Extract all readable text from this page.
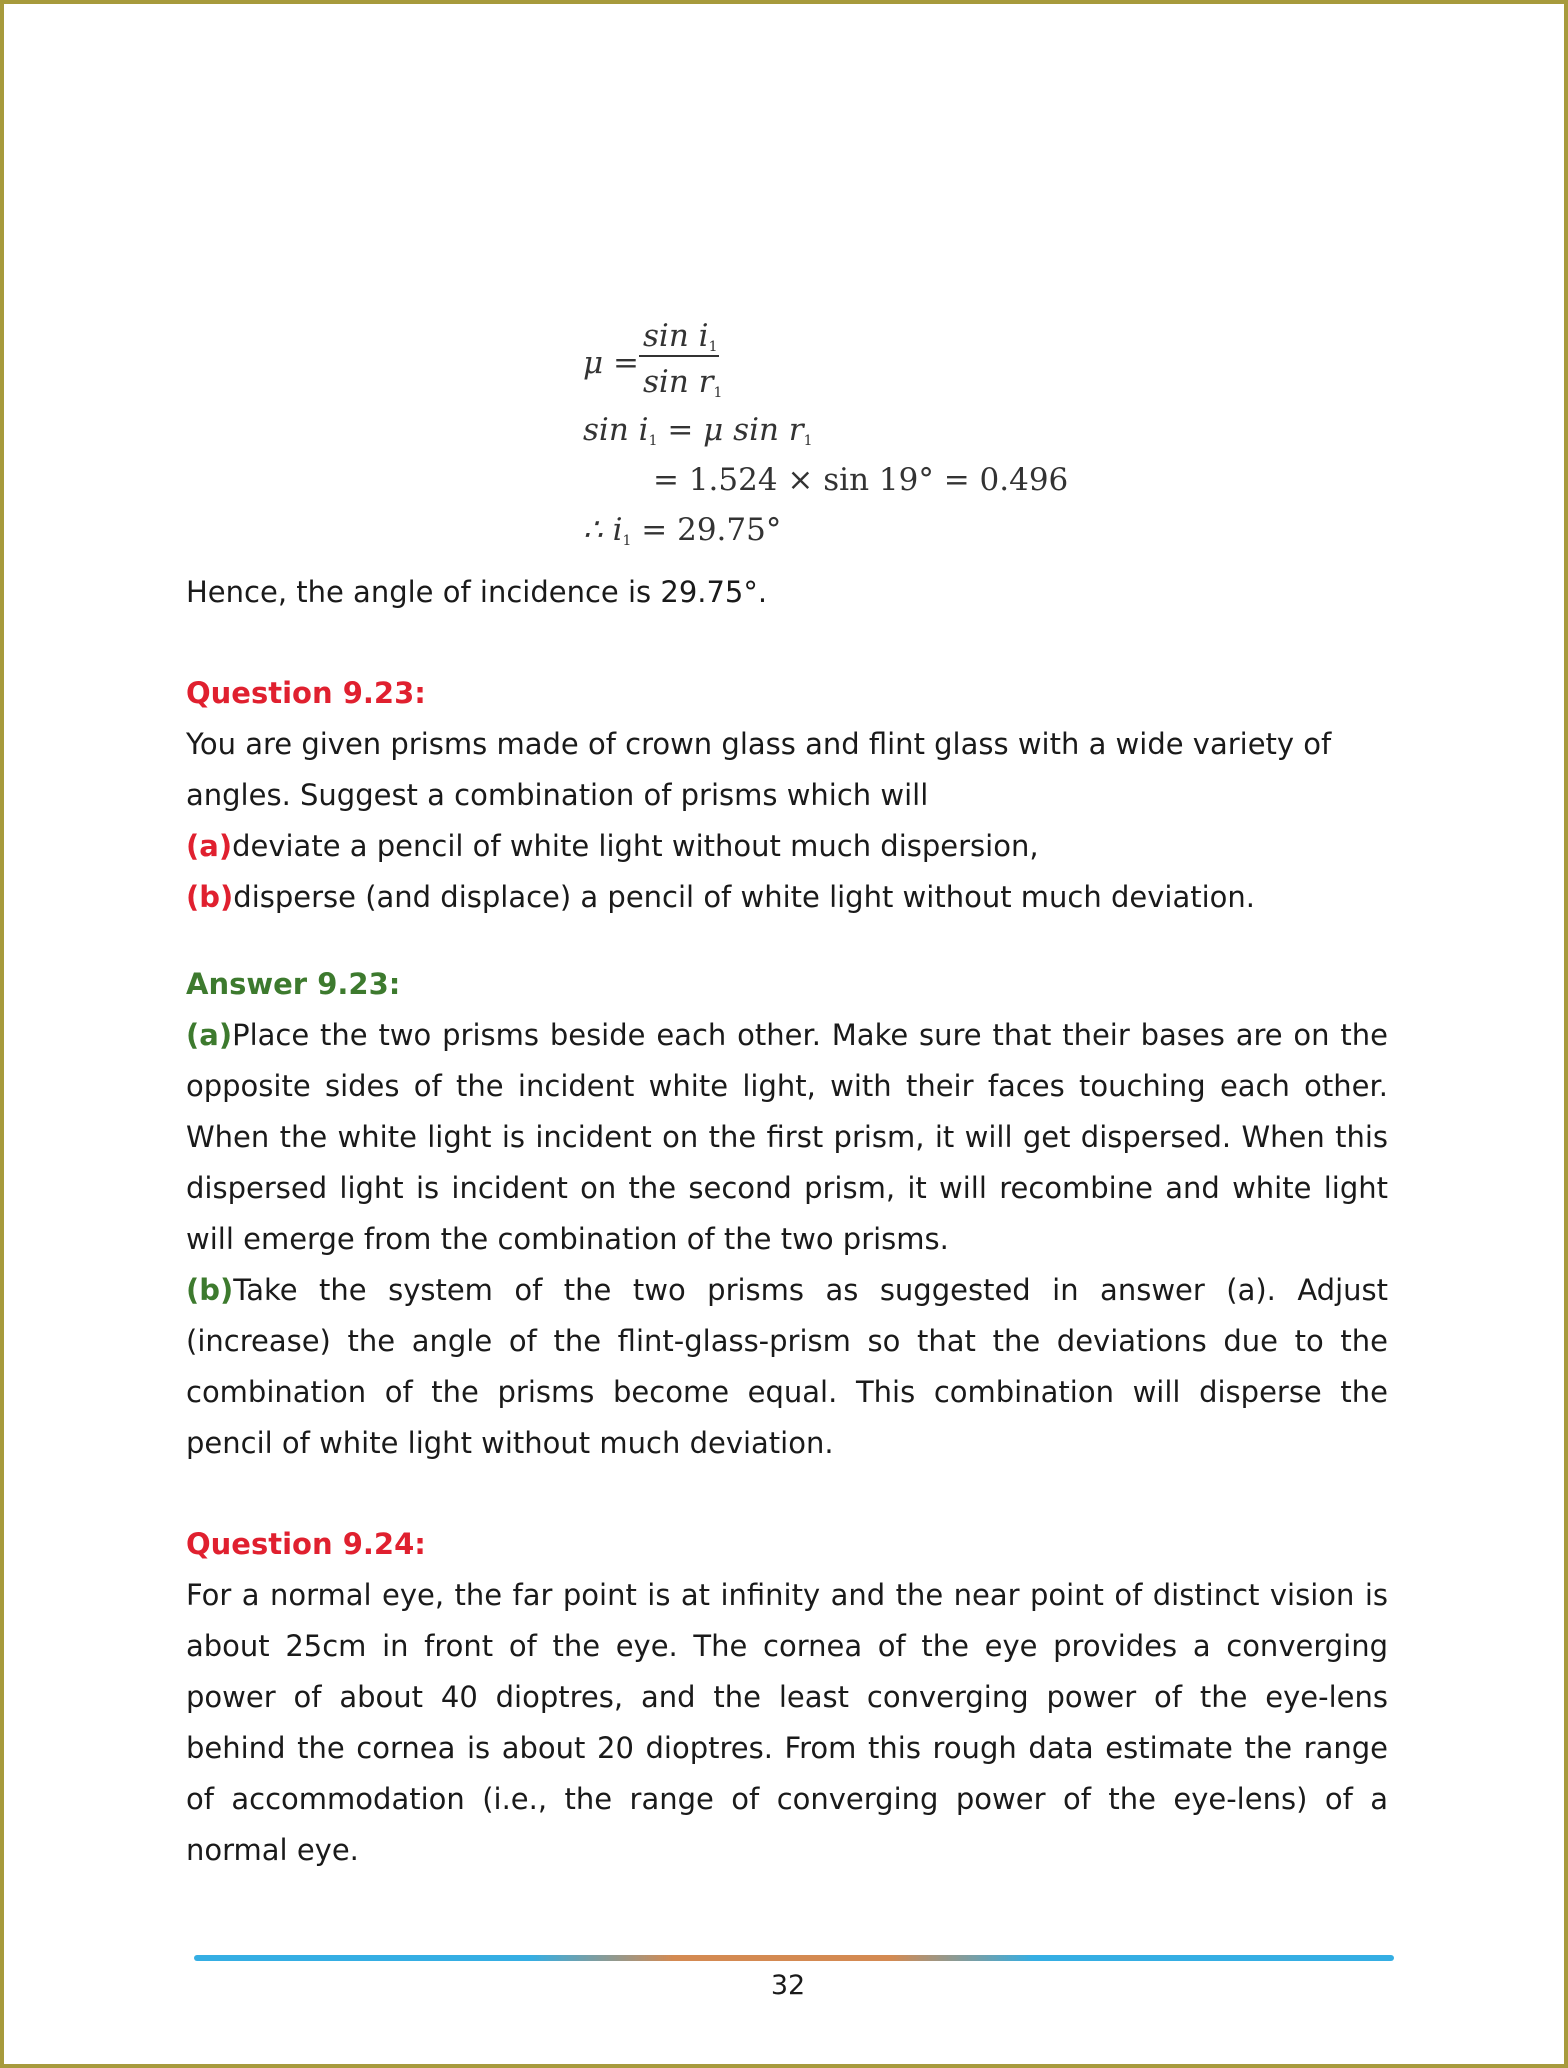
μ =
$\sin i_1$
$\sin r_1$
$\sin i_1 = \mu$ $\sin r_1$
= 1.524 × sin 19° = 0.496
∴ $i_1 = 29.75^\circ$

Hence, the angle of incidence is 29.75°.

Question 9.23:

You are given prisms made of crown glass and flint glass with a wide variety of angles. Suggest a combination of prisms which will

(a)deviate a pencil of white light without much dispersion,

(b)disperse (and displace) a pencil of white light without much deviation.

Answer 9.23:

(a)Place the two prisms beside each other. Make sure that their bases are on the opposite sides of the incident white light, with their faces touching each other. When the white light is incident on the first prism, it will get dispersed. When this dispersed light is incident on the second prism, it will recombine and white light will emerge from the combination of the two prisms.

(b)Take the system of the two prisms as suggested in answer (a). Adjust (increase) the angle of the flint-glass-prism so that the deviations due to the combination of the prisms become equal. This combination will disperse the pencil of white light without much deviation.

Question 9.24:

For a normal eye, the far point is at infinity and the near point of distinct vision is about 25cm in front of the eye. The cornea of the eye provides a converging power of about 40 dioptres, and the least converging power of the eye-lens behind the cornea is about 20 dioptres. From this rough data estimate the range of accommodation (i.e., the range of converging power of the eye-lens) of a normal eye.

32
